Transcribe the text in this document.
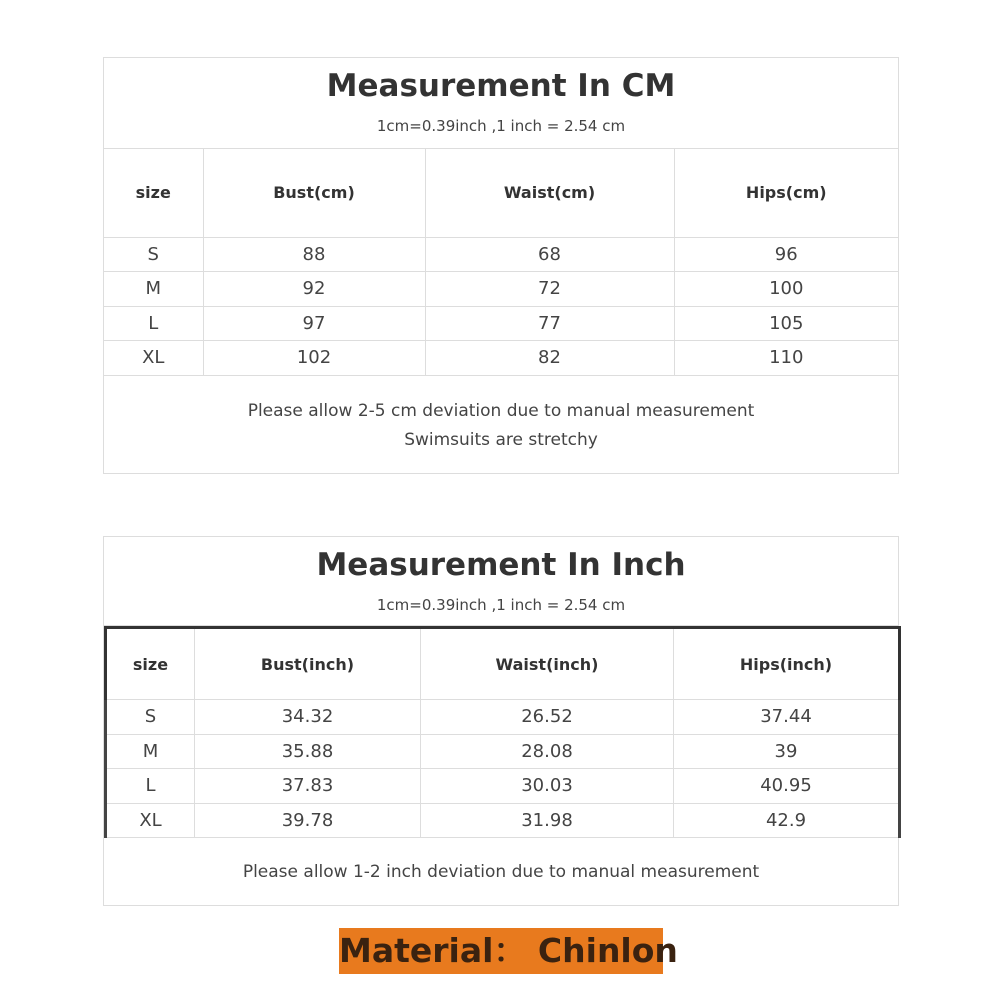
Measurement In CM
1cm=0.39inch ,1 inch = 2.54 cm
size	Bust(cm)	Waist(cm)	Hips(cm)
S	88	68	96
M	92	72	100
L	97	77	105
XL	102	82	110
Please allow 2-5 cm deviation due to manual measurement
Swimsuits are stretchy
Measurement In Inch
1cm=0.39inch ,1 inch = 2.54 cm
size	Bust(inch)	Waist(inch)	Hips(inch)
S	34.32	26.52	37.44
M	35.88	28.08	39
L	37.83	30.03	40.95
XL	39.78	31.98	42.9
Please allow 1-2 inch deviation due to manual measurement
Material： Chinlon
